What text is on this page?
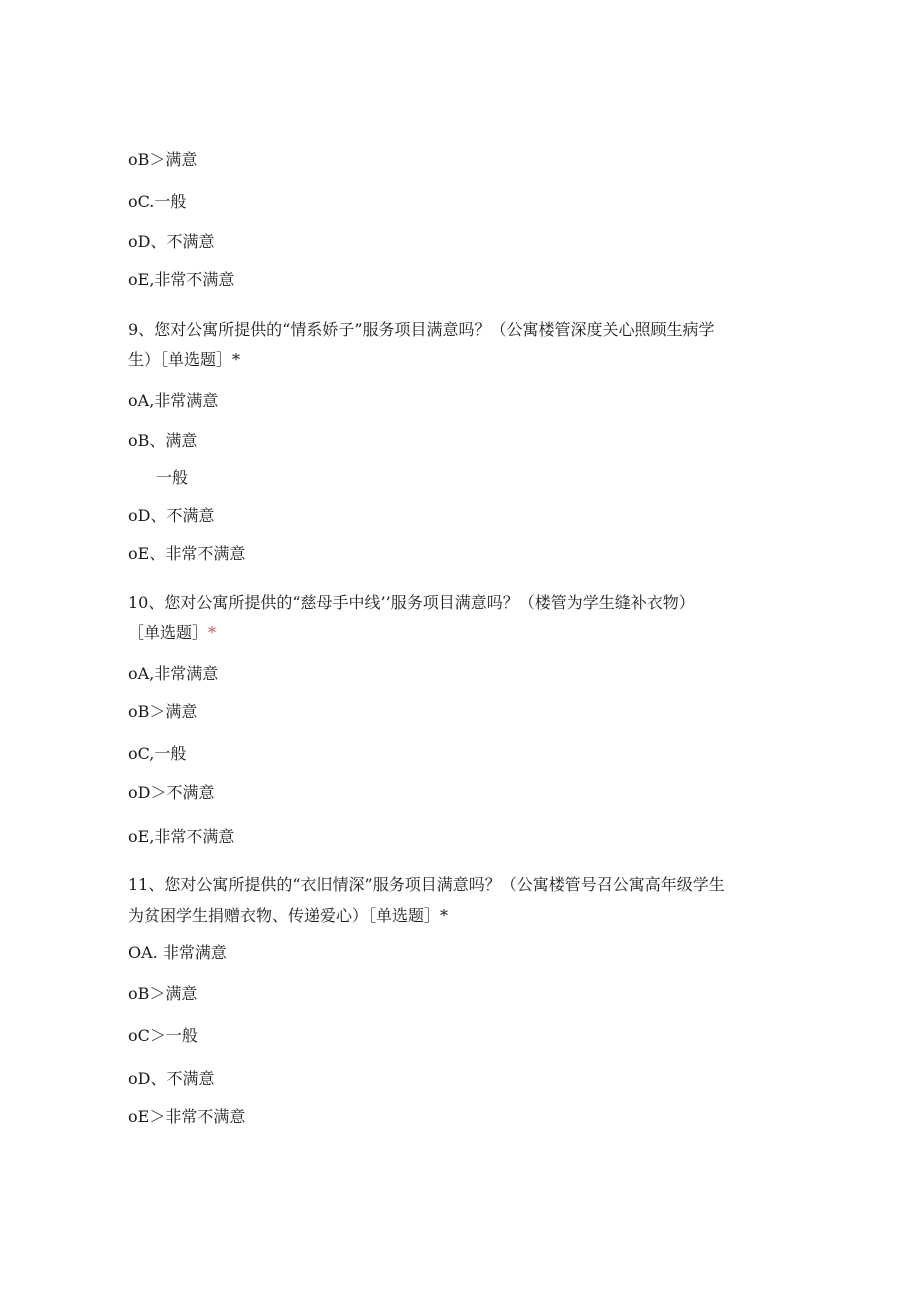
oB＞满意
oC.一般
oD、不满意
oE,非常不满意
9、您对公寓所提供的“情系娇子”服务项目满意吗？（公寓楼管深度关心照顾生病学
生）［单选题］*
oA,非常满意
oB、满意
一般
oD、不满意
oE、非常不满意
10、您对公寓所提供的“慈母手中线’’服务项目满意吗？（楼管为学生缝补衣物）
［单选题］*
oA,非常满意
oB＞满意
oC,一般
oD＞不满意
oE,非常不满意
11、您对公寓所提供的“衣旧情深”服务项目满意吗？（公寓楼管号召公寓高年级学生
为贫困学生捐赠衣物、传递爱心）［单选题］*
OA. 非常满意
oB＞满意
oC＞一般
oD、不满意
oE＞非常不满意
